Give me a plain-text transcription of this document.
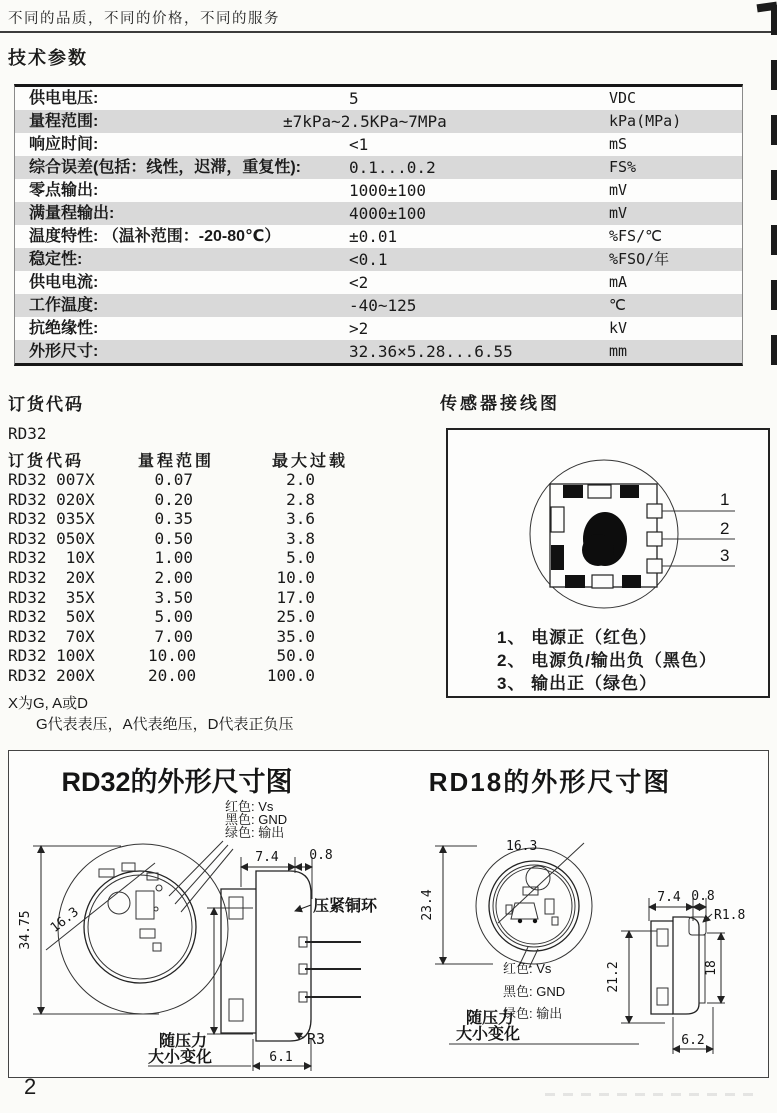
不同的品质，不同的价格，不同的服务
技术参数
供电电压:	5	VDC
量程范围:	±7kPa~2.5KPa~7MPa	kPa(MPa)
响应时间:	<1	mS
综合误差(包括：线性，迟滞，重复性):	0.1...0.2	FS%
零点输出:	1000±100	mV
满量程输出:	4000±100	mV
温度特性: （温补范围：-20-80℃）	±0.01	%FS/℃
稳定性:	<0.1	%FSO/年
供电电流:	<2	mA
工作温度:	-40~125	℃
抗绝缘性:	>2	kV
外形尺寸:	32.36×5.28...6.55	mm
订货代码
RD32
订货代码	量程范围	最大过载
RD32 007X	0.07	2.0
RD32 020X	0.20	2.8
RD32 035X	0.35	3.6
RD32 050X	0.50	3.8
RD32  10X	1.00	5.0
RD32  20X	2.00	10.0
RD32  35X	3.50	17.0
RD32  50X	5.00	25.0
RD32  70X	7.00	35.0
RD32 100X	10.00	50.0
RD32 200X	20.00	100.0
X为G, A或D
G代表表压，A代表绝压，D代表正负压
传感器接线图
1
2
3
1、 电源正（红色）
2、 电源负/输出负（黑色）
3、 输出正（绿色）
RD32的外形尺寸图
红色: Vs
黑色: GND
绿色: 输出
34.75 16.3	压紧铜环
7.4 0.8
随压力
大小变化	6.1
R3
RD18的外形尺寸图
23.4
16.3
红色: Vs
黑色: GND
绿色: 输出
7.4 0.8
R1.8
21.2	18
随压力
大小变化	6.2
2
